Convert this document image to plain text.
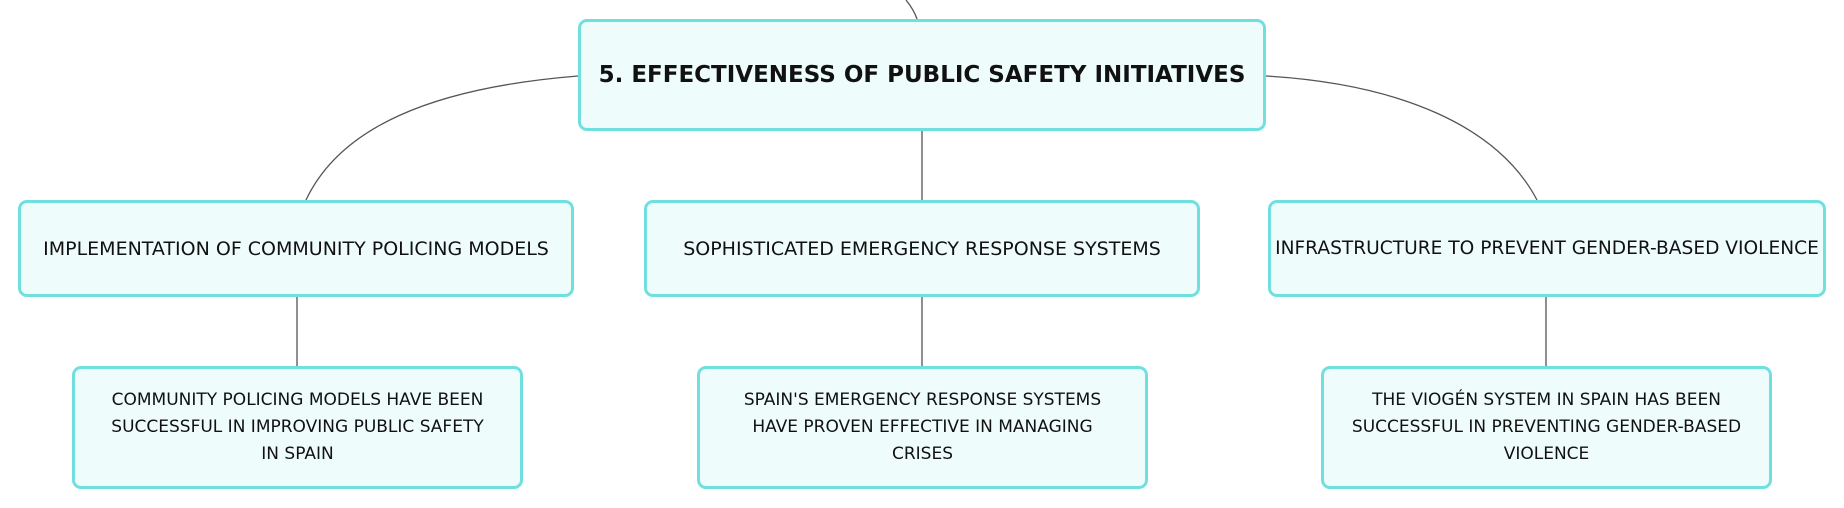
5. EFFECTIVENESS OF PUBLIC SAFETY INITIATIVES
IMPLEMENTATION OF COMMUNITY POLICING MODELS	SOPHISTICATED EMERGENCY RESPONSE SYSTEMS	INFRASTRUCTURE TO PREVENT GENDER-BASED VIOLENCE
COMMUNITY POLICING MODELS HAVE BEEN SUCCESSFUL IN IMPROVING PUBLIC SAFETY IN SPAIN
SPAIN'S EMERGENCY RESPONSE SYSTEMS HAVE PROVEN EFFECTIVE IN MANAGING CRISES
THE VIOGÉN SYSTEM IN SPAIN HAS BEEN SUCCESSFUL IN PREVENTING GENDER-BASED VIOLENCE
